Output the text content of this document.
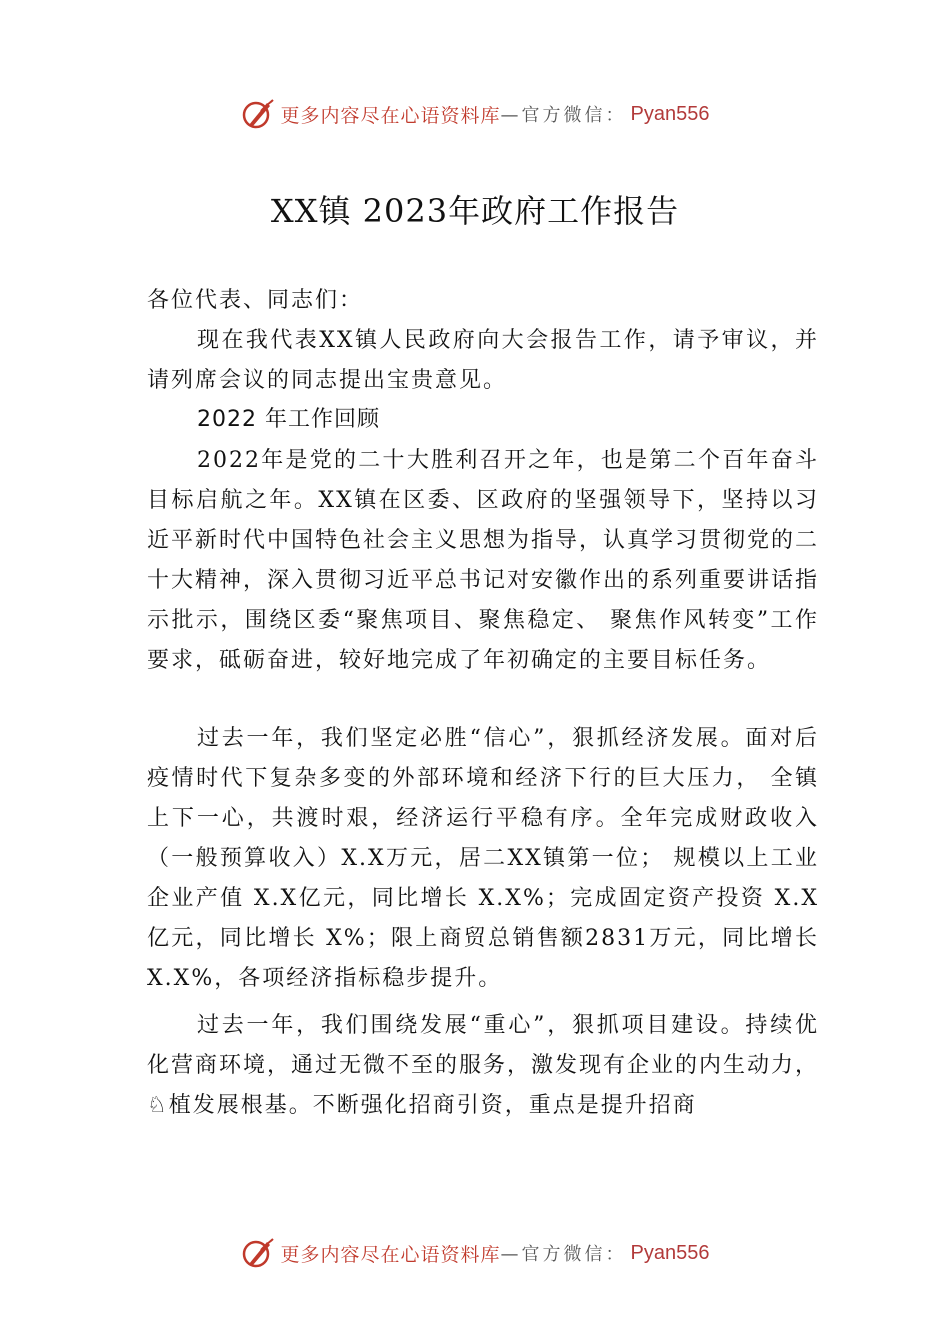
更多内容尽在心语资料库 —官方微信： Pyan556
XX镇 2023年政府工作报告

各位代表、同志们：

现在我代表XX镇人民政府向大会报告工作，请予审议，并请列席会议的同志提出宝贵意见。

2022 年工作回顾

2022年是党的二十大胜利召开之年，也是第二个百年奋斗目标启航之年。XX镇在区委、区政府的坚强领导下，坚持以习近平新时代中国特色社会主义思想为指导，认真学习贯彻党的二十大精神，深入贯彻习近平总书记对安徽作出的系列重要讲话指示批示，围绕区委“聚焦项目、聚焦稳定、 聚焦作风转变”工作要求，砥砺奋进，较好地完成了年初确定的主要目标任务。

过去一年，我们坚定必胜“信心”，狠抓经济发展。面对后疫情时代下复杂多变的外部环境和经济下行的巨大压力， 全镇上下一心，共渡时艰，经济运行平稳有序。全年完成财政收入（一般预算收入）X.X万元，居二XX镇第一位； 规模以上工业企业产值 X.X亿元，同比增长 X.X%；完成固定资产投资 X.X 亿元，同比增长 X%；限上商贸总销售额2831万元，同比增长 X.X%，各项经济指标稳步提升。

过去一年，我们围绕发展“重心”，狠抓项目建设。持续优化营商环境，通过无微不至的服务，激发现有企业的内生动力，♘植发展根基。不断强化招商引资，重点是提升招商

更多内容尽在心语资料库 —官方微信： Pyan556
